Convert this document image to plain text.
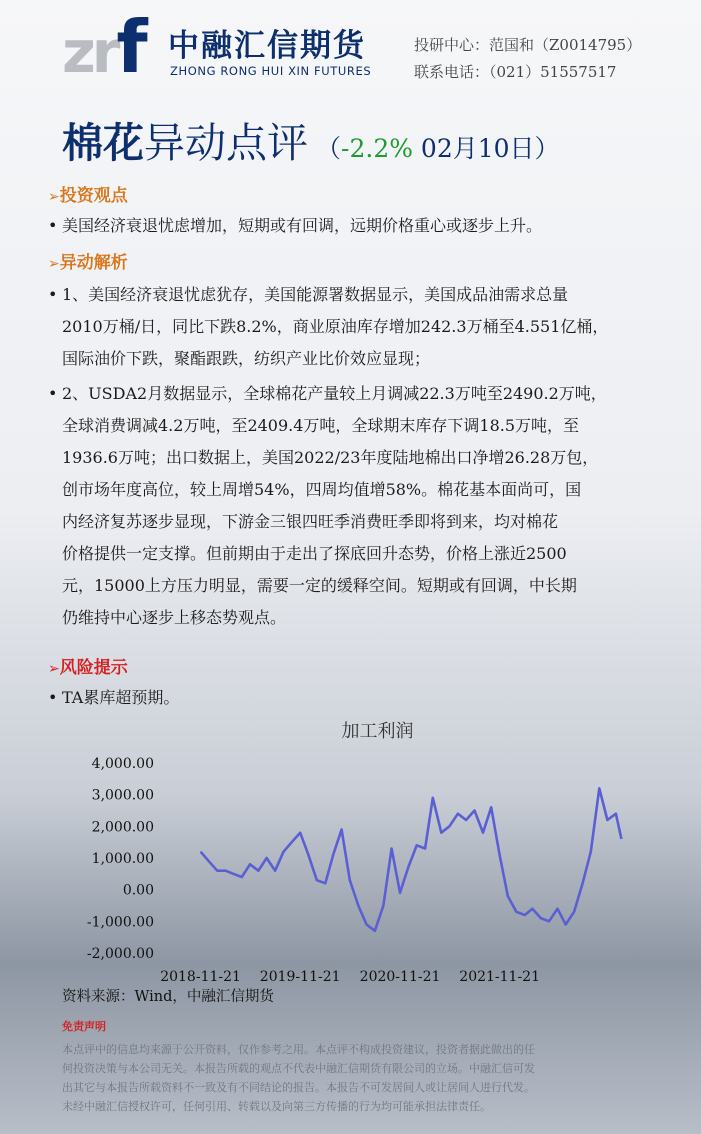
zrf 中融汇信期货
ZHONG RONG HUI XIN FUTURES
投研中心：范国和（Z0014795）
联系电话：（021）51557517
棉花异动点评 （-2.2% 02月10日）
➢投资观点
• 美国经济衰退忧虑增加，短期或有回调，远期价格重心或逐步上升。
➢异动解析
• 1、美国经济衰退忧虑犹存，美国能源署数据显示，美国成品油需求总量
2010万桶/日，同比下跌8.2%，商业原油库存增加242.3万桶至4.551亿桶，
国际油价下跌，聚酯跟跌，纺织产业比价效应显现；
• 2、USDA2月数据显示，全球棉花产量较上月调减22.3万吨至2490.2万吨，
全球消费调减4.2万吨，至2409.4万吨，全球期末库存下调18.5万吨，至
1936.6万吨；出口数据上，美国2022/23年度陆地棉出口净增26.28万包，
创市场年度高位，较上周增54%，四周均值增58%。棉花基本面尚可，国
内经济复苏逐步显现，下游金三银四旺季消费旺季即将到来，均对棉花
价格提供一定支撑。但前期由于走出了探底回升态势，价格上涨近2500
元，15000上方压力明显，需要一定的缓释空间。短期或有回调，中长期
仍维持中心逐步上移态势观点。
➢风险提示
• TA累库超预期。
加工利润
4,000.00
3,000.00
2,000.00
1,000.00
0.00
-1,000.00
-2,000.00
2018-11-21 2019-11-21 2020-11-21 2021-11-21
资料来源：Wind，中融汇信期货
免责声明
本点评中的信息均来源于公开资料，仅作参考之用。本点评不构成投资建议，投资者据此做出的任
何投资决策与本公司无关。本报告所载的观点不代表中融汇信期货有限公司的立场。中融汇信可发
出其它与本报告所载资料不一致及有不同结论的报告。本报告不可发居间人或让居间人进行代发。
未经中融汇信授权许可，任何引用、转载以及向第三方传播的行为均可能承担法律责任。
